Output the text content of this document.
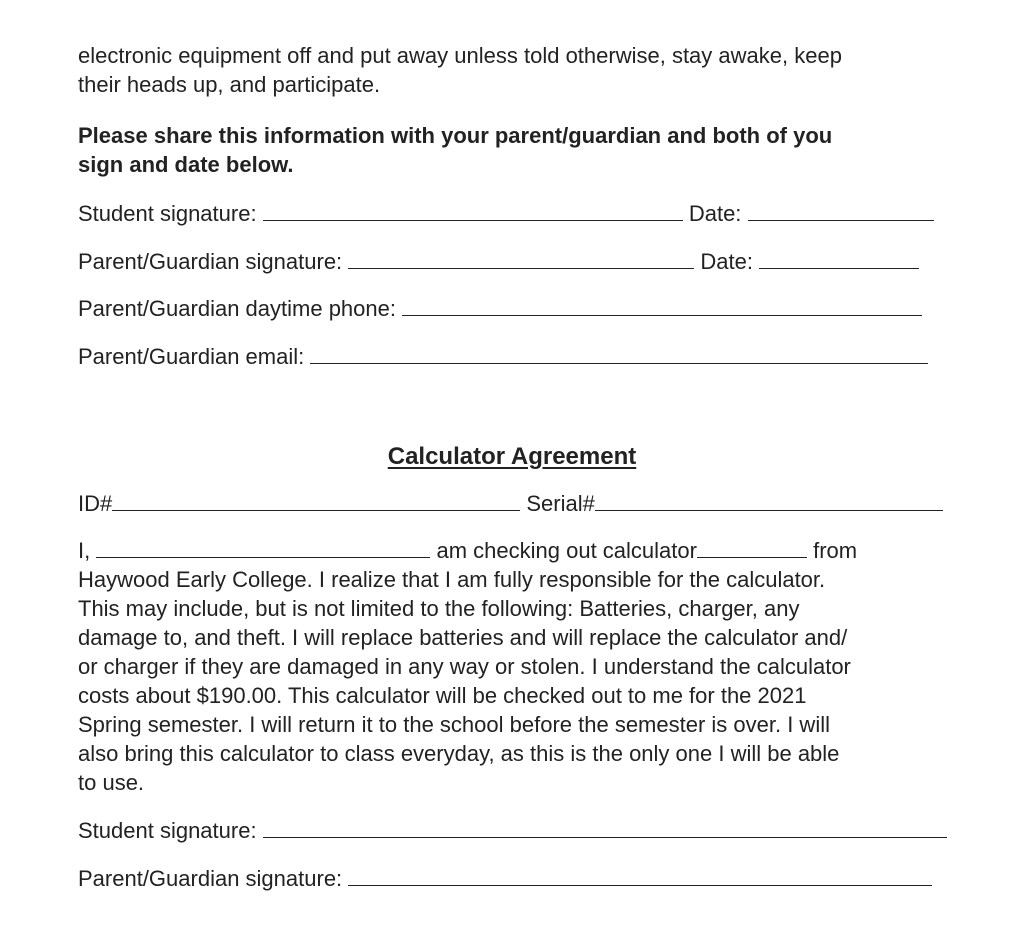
electronic equipment off and put away unless told otherwise, stay awake, keep
their heads up, and participate.
Please share this information with your parent/guardian and both of you
sign and date below.
Student signature:	Date:
Parent/Guardian signature:	Date:
Parent/Guardian daytime phone:
Parent/Guardian email:
Calculator Agreement
ID#	Serial#
I,	am checking out calculator	from
Haywood Early College. I realize that I am fully responsible for the calculator.
This may include, but is not limited to the following: Batteries, charger, any
damage to, and theft. I will replace batteries and will replace the calculator and/
or charger if they are damaged in any way or stolen. I understand the calculator
costs about $190.00. This calculator will be checked out to me for the 2021
Spring semester. I will return it to the school before the semester is over. I will
also bring this calculator to class everyday, as this is the only one I will be able
to use.
Student signature:
Parent/Guardian signature:
